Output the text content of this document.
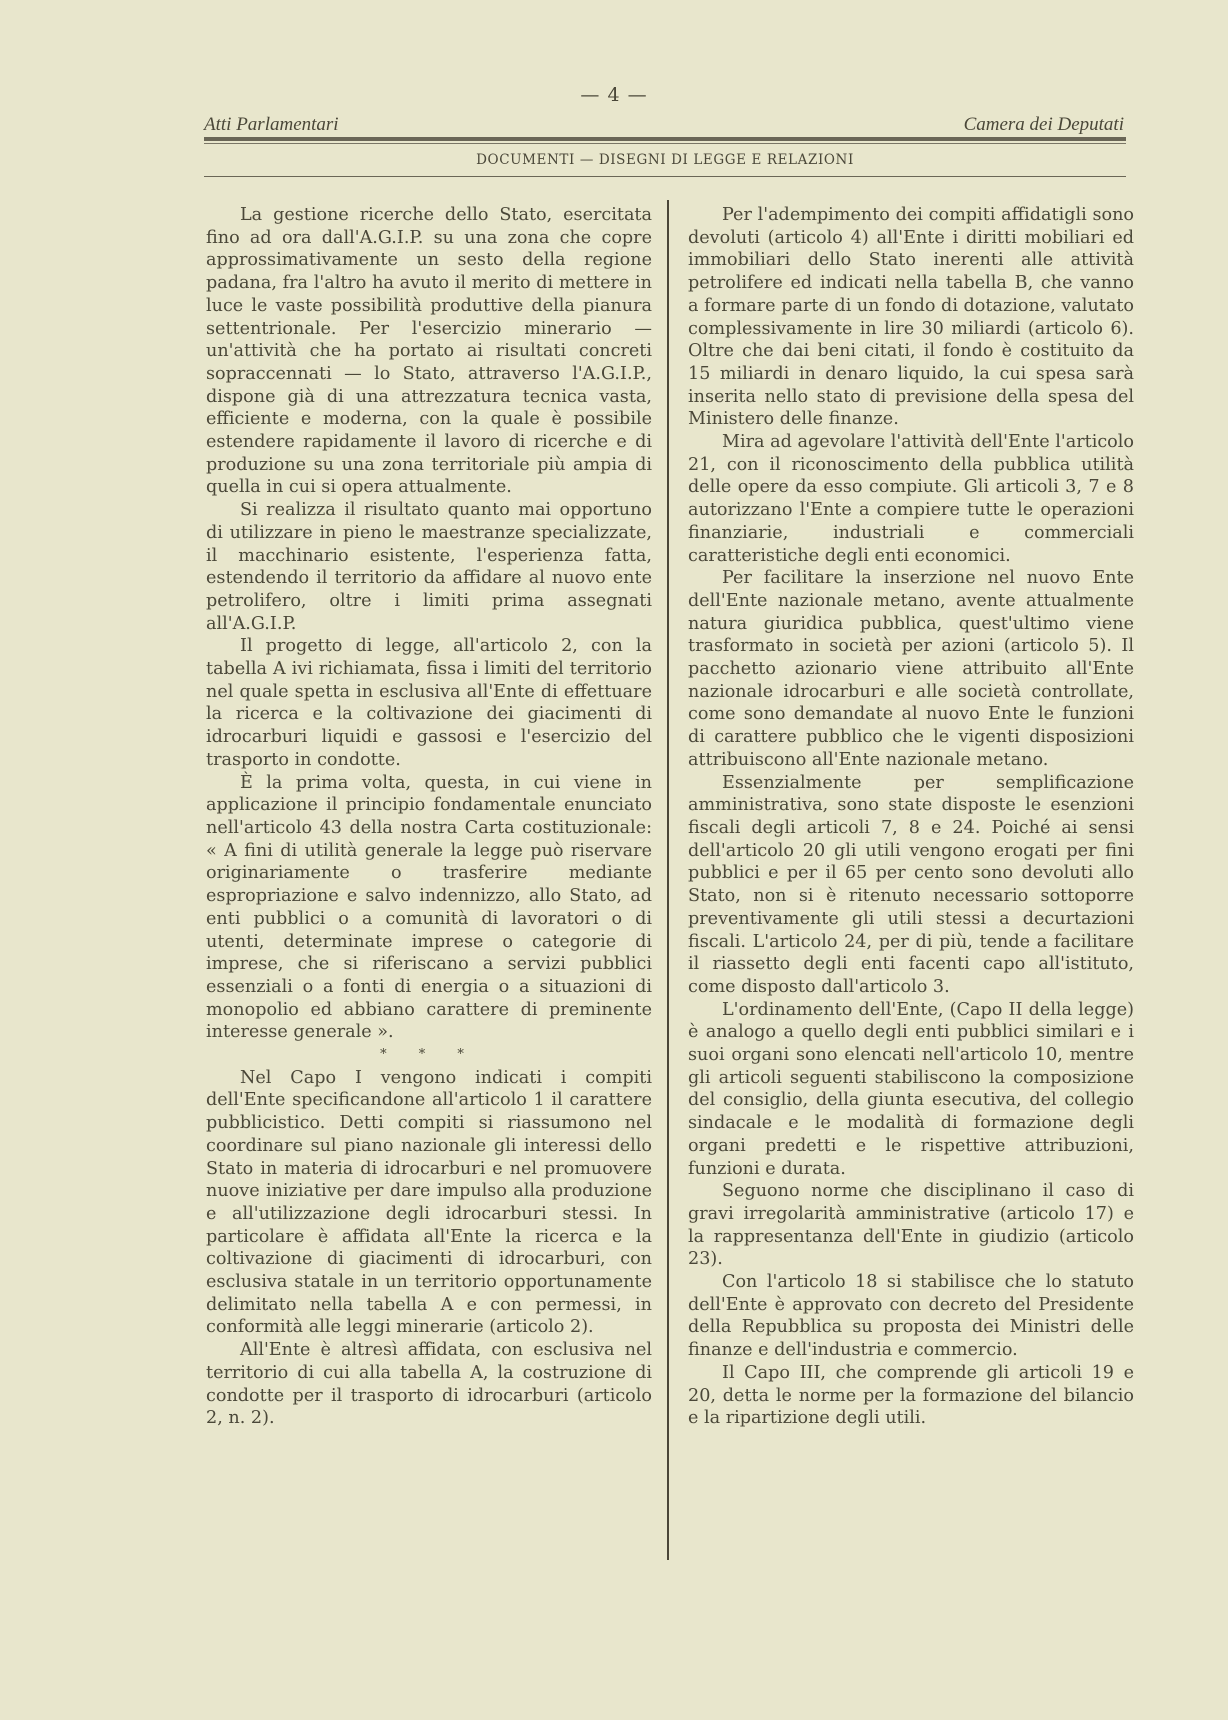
— 4 —
Atti Parlamentari	Camera dei Deputati
DOCUMENTI — DISEGNI DI LEGGE E RELAZIONI

La gestione ricerche dello Stato, esercitata fino ad ora dall'A.G.I.P. su una zona che copre approssimativamente un sesto della regione padana, fra l'altro ha avuto il merito di mettere in luce le vaste possibilità produttive della pianura settentrionale. Per l'esercizio minerario — un'attività che ha portato ai risultati concreti sopraccennati — lo Stato, attraverso l'A.G.I.P., dispone già di una attrezzatura tecnica vasta, efficiente e moderna, con la quale è possibile estendere rapidamente il lavoro di ricerche e di produzione su una zona territoriale più ampia di quella in cui si opera attualmente.

Si realizza il risultato quanto mai opportuno di utilizzare in pieno le maestranze specializzate, il macchinario esistente, l'esperienza fatta, estendendo il territorio da affidare al nuovo ente petrolifero, oltre i limiti prima assegnati all'A.G.I.P.

Il progetto di legge, all'articolo 2, con la tabella A ivi richiamata, fissa i limiti del territorio nel quale spetta in esclusiva all'Ente di effettuare la ricerca e la coltivazione dei giacimenti di idrocarburi liquidi e gassosi e l'esercizio del trasporto in condotte.

È la prima volta, questa, in cui viene in applicazione il principio fondamentale enunciato nell'articolo 43 della nostra Carta costituzionale: « A fini di utilità generale la legge può riservare originariamente o trasferire mediante espropriazione e salvo indennizzo, allo Stato, ad enti pubblici o a comunità di lavoratori o di utenti, determinate imprese o categorie di imprese, che si riferiscano a servizi pubblici essenziali o a fonti di energia o a situazioni di monopolio ed abbiano carattere di preminente interesse generale ».

* * *

Nel Capo I vengono indicati i compiti dell'Ente specificandone all'articolo 1 il carattere pubblicistico. Detti compiti si riassumono nel coordinare sul piano nazionale gli interessi dello Stato in materia di idrocarburi e nel promuovere nuove iniziative per dare impulso alla produzione e all'utilizzazione degli idrocarburi stessi. In particolare è affidata all'Ente la ricerca e la coltivazione di giacimenti di idrocarburi, con esclusiva statale in un territorio opportunamente delimitato nella tabella A e con permessi, in conformità alle leggi minerarie (articolo 2).

All'Ente è altresì affidata, con esclusiva nel territorio di cui alla tabella A, la costruzione di condotte per il trasporto di idrocarburi (articolo 2, n. 2).

Per l'adempimento dei compiti affidatigli sono devoluti (articolo 4) all'Ente i diritti mobiliari ed immobiliari dello Stato inerenti alle attività petrolifere ed indicati nella tabella B, che vanno a formare parte di un fondo di dotazione, valutato complessivamente in lire 30 miliardi (articolo 6). Oltre che dai beni citati, il fondo è costituito da 15 miliardi in denaro liquido, la cui spesa sarà inserita nello stato di previsione della spesa del Ministero delle finanze.

Mira ad agevolare l'attività dell'Ente l'articolo 21, con il riconoscimento della pubblica utilità delle opere da esso compiute. Gli articoli 3, 7 e 8 autorizzano l'Ente a compiere tutte le operazioni finanziarie, industriali e commerciali caratteristiche degli enti economici.

Per facilitare la inserzione nel nuovo Ente dell'Ente nazionale metano, avente attualmente natura giuridica pubblica, quest'ultimo viene trasformato in società per azioni (articolo 5). Il pacchetto azionario viene attribuito all'Ente nazionale idrocarburi e alle società controllate, come sono demandate al nuovo Ente le funzioni di carattere pubblico che le vigenti disposizioni attribuiscono all'Ente nazionale metano.

Essenzialmente per semplificazione amministrativa, sono state disposte le esenzioni fiscali degli articoli 7, 8 e 24. Poiché ai sensi dell'articolo 20 gli utili vengono erogati per fini pubblici e per il 65 per cento sono devoluti allo Stato, non si è ritenuto necessario sottoporre preventivamente gli utili stessi a decurtazioni fiscali. L'articolo 24, per di più, tende a facilitare il riassetto degli enti facenti capo all'istituto, come disposto dall'articolo 3.

L'ordinamento dell'Ente, (Capo II della legge) è analogo a quello degli enti pubblici similari e i suoi organi sono elencati nell'articolo 10, mentre gli articoli seguenti stabiliscono la composizione del consiglio, della giunta esecutiva, del collegio sindacale e le modalità di formazione degli organi predetti e le rispettive attribuzioni, funzioni e durata.

Seguono norme che disciplinano il caso di gravi irregolarità amministrative (articolo 17) e la rappresentanza dell'Ente in giudizio (articolo 23).

Con l'articolo 18 si stabilisce che lo statuto dell'Ente è approvato con decreto del Presidente della Repubblica su proposta dei Ministri delle finanze e dell'industria e commercio.

Il Capo III, che comprende gli articoli 19 e 20, detta le norme per la formazione del bilancio e la ripartizione degli utili.
